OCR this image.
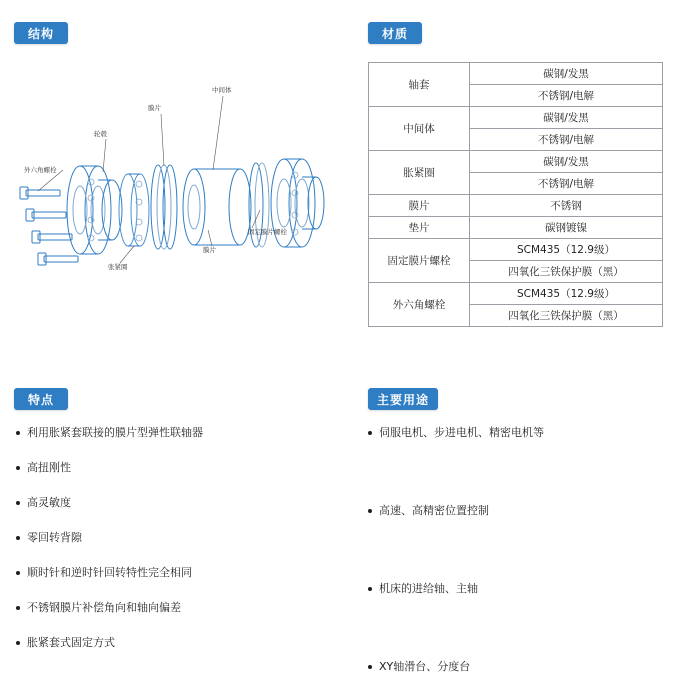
结构	材质
特点	主要用途
中间体
膜片
轮毂
外六角螺栓
固定膜片螺栓
膜片
张紧圈
轴套	碳钢/发黑
	不锈钢/电解
中间体	碳钢/发黑
	不锈钢/电解
胀紧圈	碳钢/发黑
	不锈钢/电解
膜片	不锈钢
垫片	碳钢镀镍
固定膜片螺栓	SCM435（12.9级）
	四氧化三铁保护膜（黑）
外六角螺栓	SCM435（12.9级）
	四氧化三铁保护膜（黑）
利用胀紧套联接的膜片型弹性联轴器
高扭刚性
高灵敏度
零回转背隙
顺时针和逆时针回转特性完全相同
不锈钢膜片补偿角向和轴向偏差
胀紧套式固定方式
伺服电机、步进电机、精密电机等
高速、高精密位置控制
机床的进给轴、主轴
XY轴滑台、分度台
